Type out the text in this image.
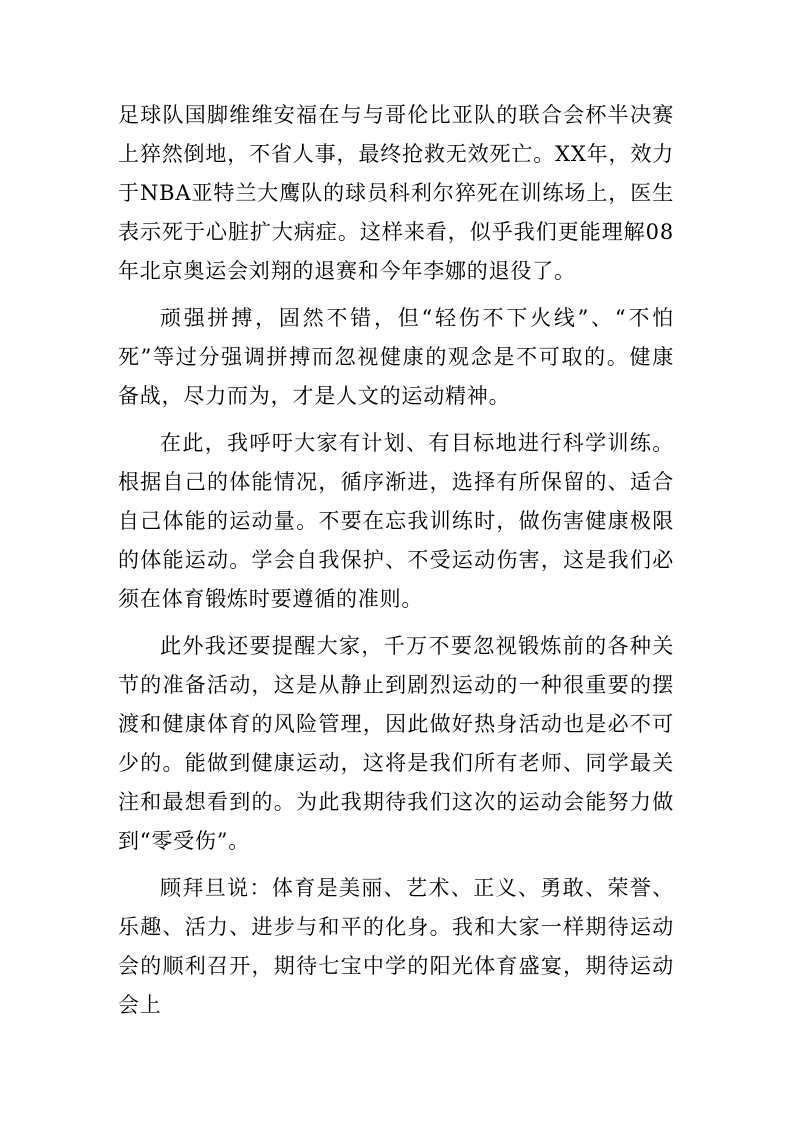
足球队国脚维维安福在与与哥伦比亚队的联合会杯半决赛上猝然倒地，不省人事，最终抢救无效死亡。XX年，效力于NBA亚特兰大鹰队的球员科利尔猝死在训练场上，医生表示死于心脏扩大病症。这样来看，似乎我们更能理解08年北京奥运会刘翔的退赛和今年李娜的退役了。

顽强拼搏，固然不错，但“轻伤不下火线”、“不怕死”等过分强调拼搏而忽视健康的观念是不可取的。健康备战，尽力而为，才是人文的运动精神。

在此，我呼吁大家有计划、有目标地进行科学训练。根据自己的体能情况，循序渐进，选择有所保留的、适合自己体能的运动量。不要在忘我训练时，做伤害健康极限的体能运动。学会自我保护、不受运动伤害，这是我们必须在体育锻炼时要遵循的准则。

此外我还要提醒大家，千万不要忽视锻炼前的各种关节的准备活动，这是从静止到剧烈运动的一种很重要的摆渡和健康体育的风险管理，因此做好热身活动也是必不可少的。能做到健康运动，这将是我们所有老师、同学最关注和最想看到的。为此我期待我们这次的运动会能努力做到“零受伤”。

顾拜旦说：体育是美丽、艺术、正义、勇敢、荣誉、乐趣、活力、进步与和平的化身。我和大家一样期待运动会的顺利召开，期待七宝中学的阳光体育盛宴，期待运动会上
